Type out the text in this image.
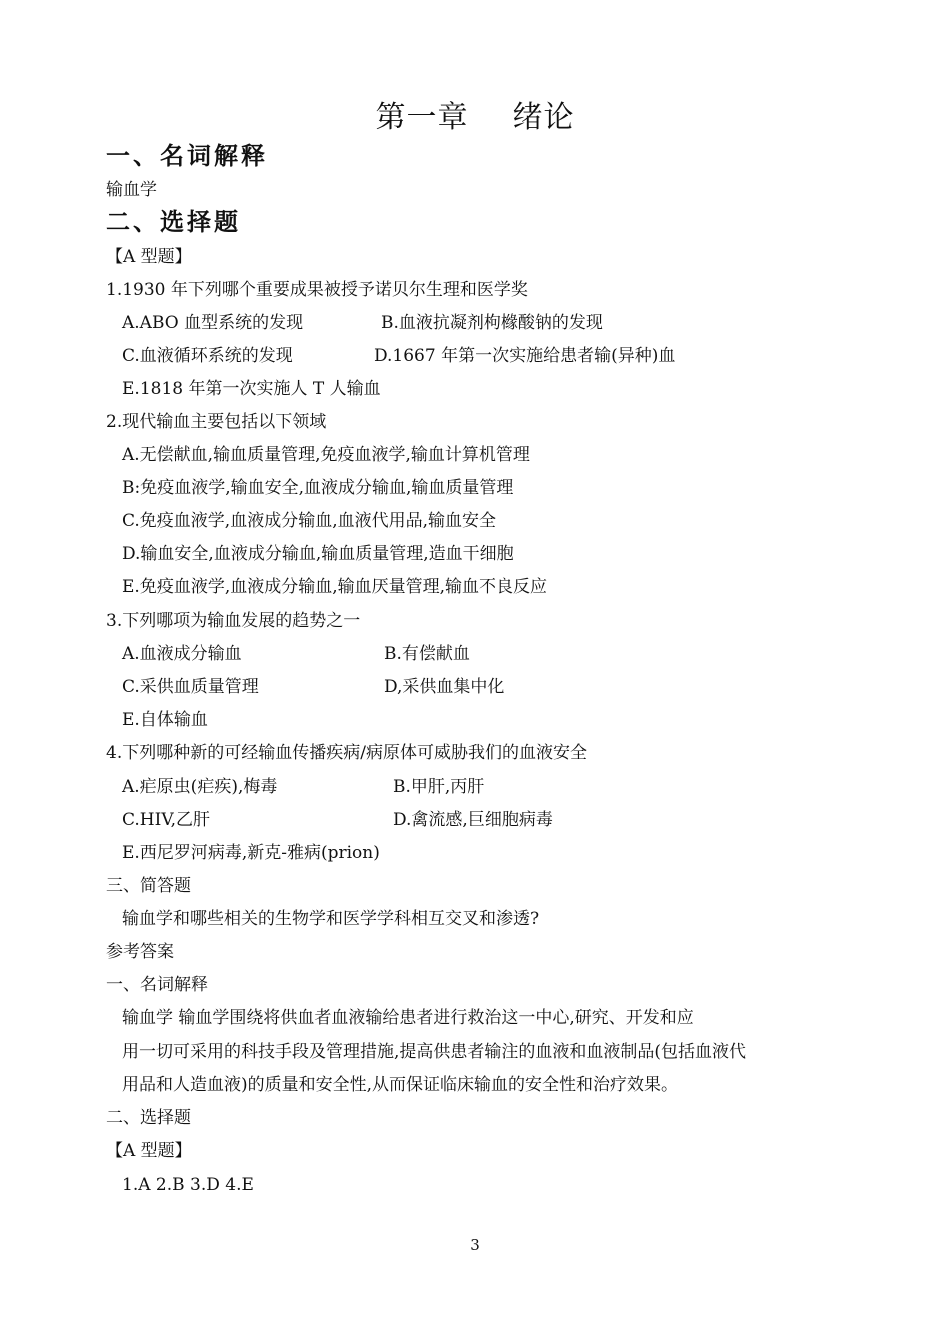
第一章 绪论
一、名词解释
输血学
二、选择题
【A 型题】
1.1930 年下列哪个重要成果被授予诺贝尔生理和医学奖
A.ABO 血型系统的发现	B.血液抗凝剂枸橼酸钠的发现
C.血液循环系统的发现	D.1667 年第一次实施给患者输(异种)血
E.1818 年第一次实施人 T 人输血
2.现代输血主要包括以下领域
A.无偿献血,输血质量管理,免疫血液学,输血计算机管理
B:免疫血液学,输血安全,血液成分输血,输血质量管理
C.免疫血液学,血液成分输血,血液代用品,输血安全
D.输血安全,血液成分输血,输血质量管理,造血干细胞
E.免疫血液学,血液成分输血,输血厌量管理,输血不良反应
3.下列哪项为输血发展的趋势之一
A.血液成分输血	B.有偿献血
C.采供血质量管理	D,采供血集中化
E.自体输血
4.下列哪种新的可经输血传播疾病/病原体可威胁我们的血液安全
A.疟原虫(疟疾),梅毒	B.甲肝,丙肝
C.HIV,乙肝	D.禽流感,巨细胞病毒
E.西尼罗河病毒,新克-雅病(prion)
三、简答题
输血学和哪些相关的生物学和医学学科相互交叉和渗透?
参考答案
一、名词解释
输血学 输血学围绕将供血者血液输给患者进行救治这一中心,研究、开发和应
用一切可采用的科技手段及管理措施,提高供患者输注的血液和血液制品(包括血液代
用品和人造血液)的质量和安全性,从而保证临床输血的安全性和治疗效果。
二、选择题
【A 型题】
1.A 2.B 3.D 4.E
3
